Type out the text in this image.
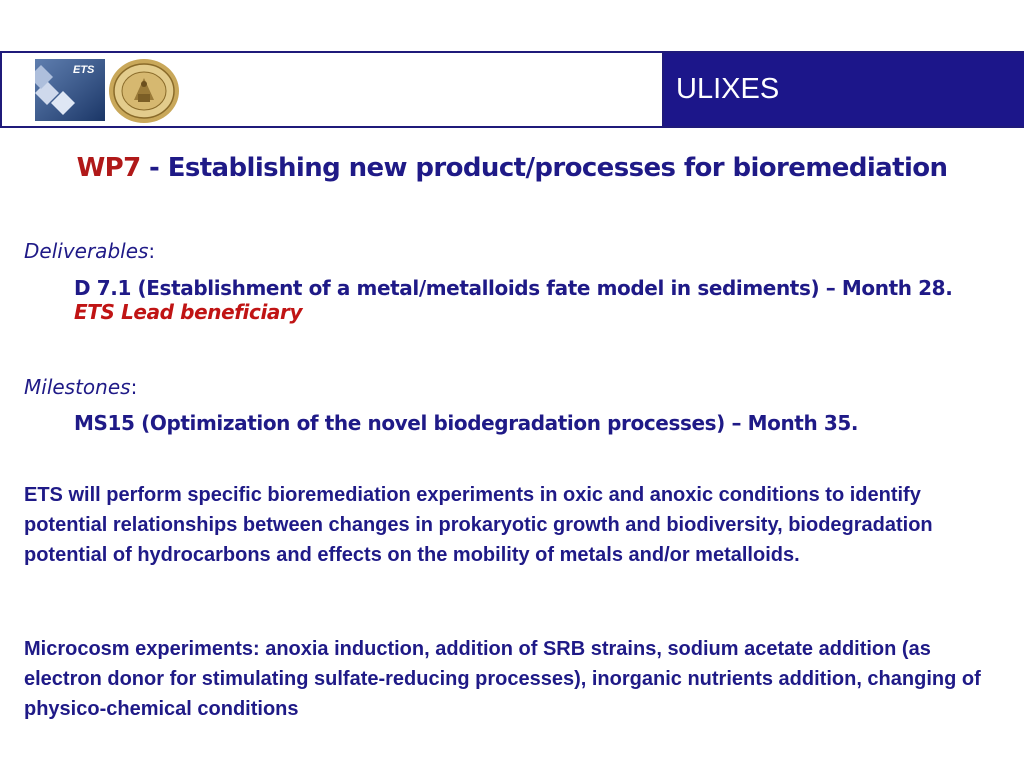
ETS
ULIXES
WP7 - Establishing new product/processes for bioremediation
Deliverables:
D 7.1 (Establishment of a metal/metalloids fate model in sediments) – Month 28. ETS Lead beneficiary
Milestones:
MS15 (Optimization of the novel biodegradation processes) – Month 35.
ETS will perform specific bioremediation experiments in oxic and anoxic conditions to identify potential relationships between changes in prokaryotic growth and biodiversity, biodegradation potential of hydrocarbons and effects on the mobility of metals and/or metalloids.
Microcosm experiments: anoxia induction, addition of SRB strains, sodium acetate addition (as electron donor for stimulating sulfate-reducing processes), inorganic nutrients addition, changing of physico-chemical conditions
